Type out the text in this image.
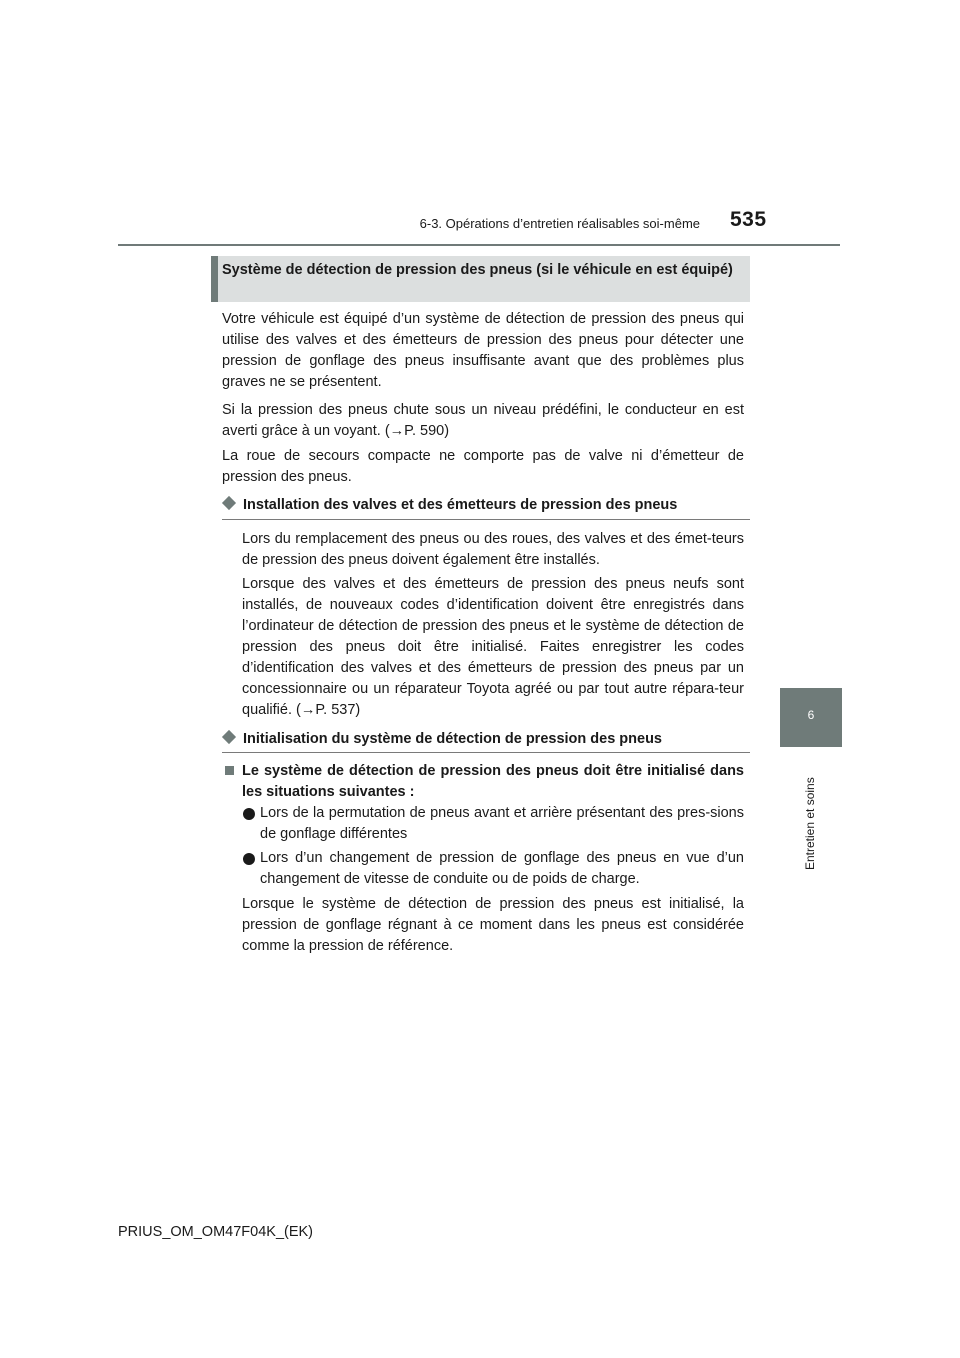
6-3. Opérations d’entretien réalisables soi-même 535
6
Entretien et soins
Système de détection de pression des pneus (si le véhicule en est équipé)
Votre véhicule est équipé d’un système de détection de pression des pneus qui utilise des valves et des émetteurs de pression des pneus pour détecter une pression de gonflage des pneus insuffisante avant que des problèmes plus graves ne se présentent.
Si la pression des pneus chute sous un niveau prédéfini, le conducteur en est averti grâce à un voyant. (→P. 590)
La roue de secours compacte ne comporte pas de valve ni d’émetteur de pression des pneus.
Installation des valves et des émetteurs de pression des pneus
Lors du remplacement des pneus ou des roues, des valves et des émet-teurs de pression des pneus doivent également être installés.
Lorsque des valves et des émetteurs de pression des pneus neufs sont installés, de nouveaux codes d’identification doivent être enregistrés dans l’ordinateur de détection de pression des pneus et le système de détection de pression des pneus doit être initialisé. Faites enregistrer les codes d’identification des valves et des émetteurs de pression des pneus par un concessionnaire ou un réparateur Toyota agréé ou par tout autre répara-teur qualifié. (→P. 537)
Initialisation du système de détection de pression des pneus
Le système de détection de pression des pneus doit être initialisé dans les situations suivantes :
Lors de la permutation de pneus avant et arrière présentant des pres-sions de gonflage différentes
Lors d’un changement de pression de gonflage des pneus en vue d’un changement de vitesse de conduite ou de poids de charge.
Lorsque le système de détection de pression des pneus est initialisé, la pression de gonflage régnant à ce moment dans les pneus est considérée comme la pression de référence.
PRIUS_OM_OM47F04K_(EK)
